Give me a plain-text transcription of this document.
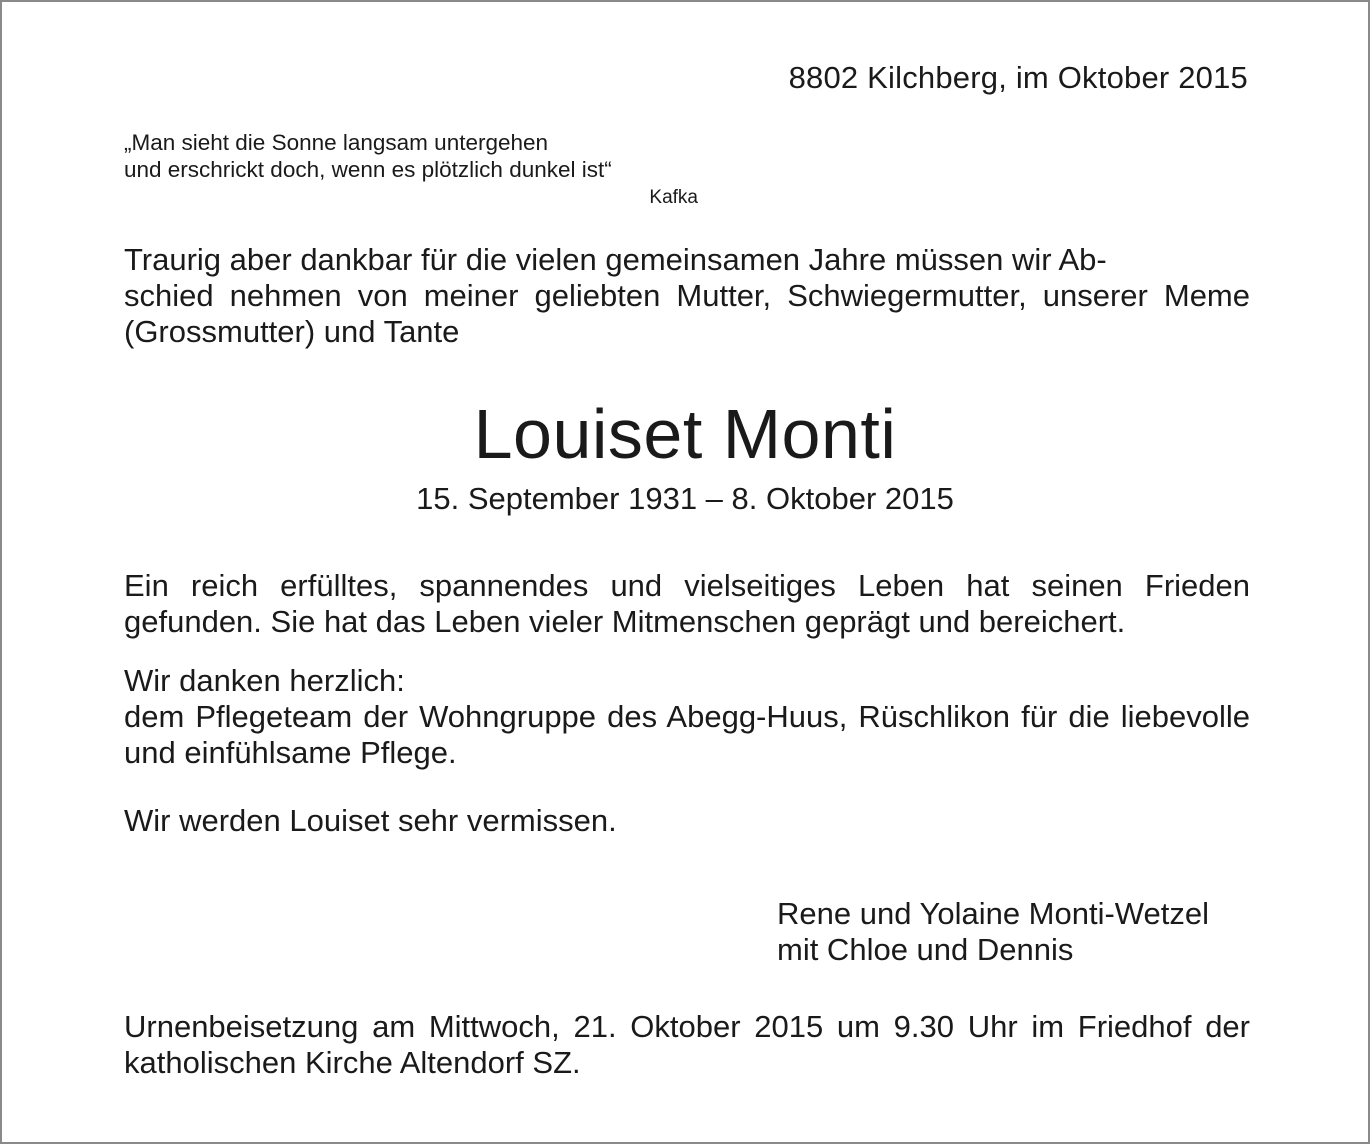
8802 Kilchberg, im Oktober 2015
„Man sieht die Sonne langsam untergehen
und erschrickt doch, wenn es plötzlich dunkel ist“
Kafka
Traurig aber dankbar für die vielen gemeinsamen Jahre müssen wir Ab-
schied nehmen von meiner geliebten Mutter, Schwiegermutter, unserer Meme (Grossmutter) und Tante
Louiset Monti
15. September 1931 – 8. Oktober 2015
Ein reich erfülltes, spannendes und vielseitiges Leben hat seinen Frieden gefunden. Sie hat das Leben vieler Mitmenschen geprägt und bereichert.
Wir danken herzlich:
dem Pflegeteam der Wohngruppe des Abegg-Huus, Rüschlikon für die liebevolle und einfühlsame Pflege.
Wir werden Louiset sehr vermissen.
Rene und Yolaine Monti-Wetzel
mit Chloe und Dennis
Urnenbeisetzung am Mittwoch, 21. Oktober 2015 um 9.30 Uhr im Friedhof der katholischen Kirche Altendorf SZ.
